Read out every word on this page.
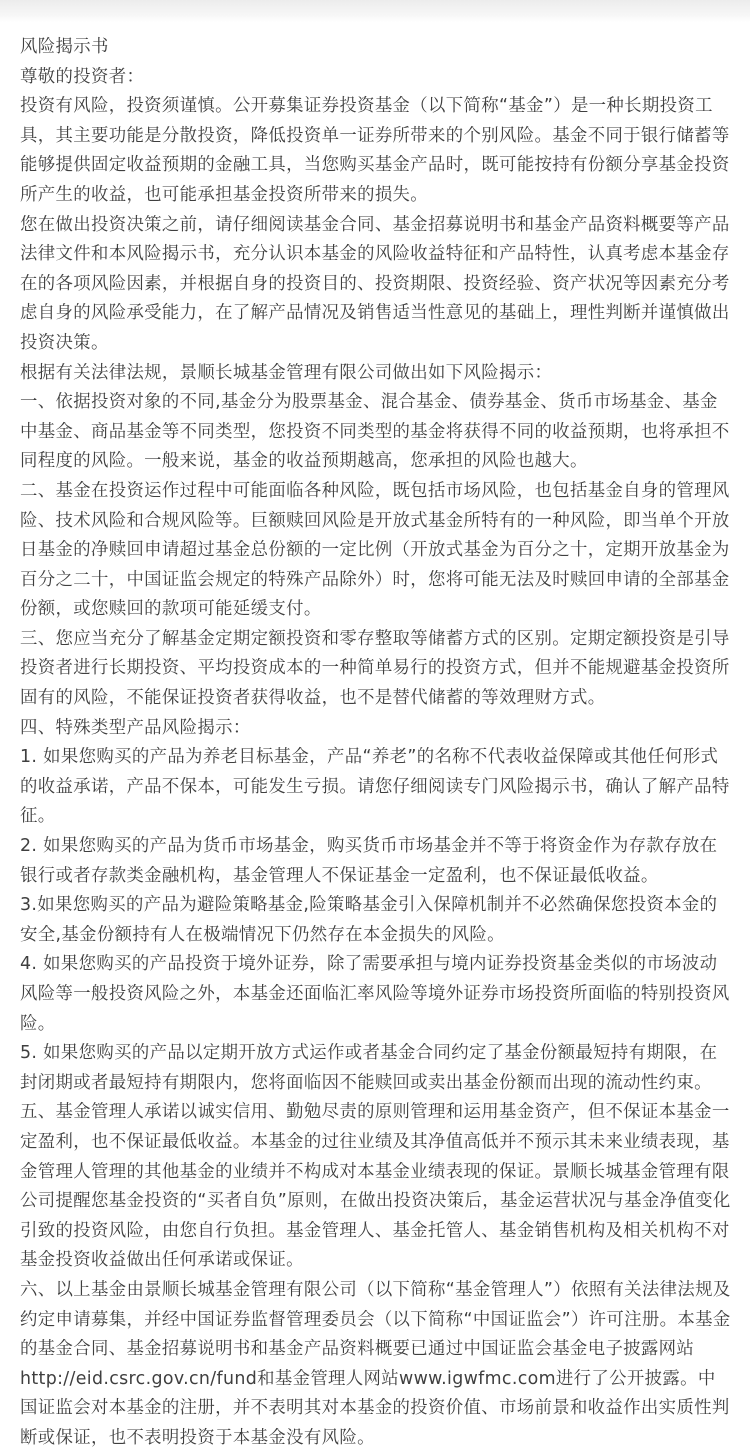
风险揭示书

尊敬的投资者：

投资有风险，投资须谨慎。公开募集证券投资基金（以下简称“基金”）是一种长期投资工具，其主要功能是分散投资，降低投资单一证券所带来的个别风险。基金不同于银行储蓄等能够提供固定收益预期的金融工具，当您购买基金产品时，既可能按持有份额分享基金投资所产生的收益，也可能承担基金投资所带来的损失。

您在做出投资决策之前，请仔细阅读基金合同、基金招募说明书和基金产品资料概要等产品法律文件和本风险揭示书，充分认识本基金的风险收益特征和产品特性，认真考虑本基金存在的各项风险因素，并根据自身的投资目的、投资期限、投资经验、资产状况等因素充分考虑自身的风险承受能力，在了解产品情况及销售适当性意见的基础上，理性判断并谨慎做出投资决策。

根据有关法律法规，景顺长城基金管理有限公司做出如下风险揭示：

一、依据投资对象的不同,基金分为股票基金、混合基金、债券基金、货币市场基金、基金中基金、商品基金等不同类型，您投资不同类型的基金将获得不同的收益预期，也将承担不同程度的风险。一般来说，基金的收益预期越高，您承担的风险也越大。

二、基金在投资运作过程中可能面临各种风险，既包括市场风险，也包括基金自身的管理风险、技术风险和合规风险等。巨额赎回风险是开放式基金所特有的一种风险，即当单个开放日基金的净赎回申请超过基金总份额的一定比例（开放式基金为百分之十，定期开放基金为百分之二十，中国证监会规定的特殊产品除外）时，您将可能无法及时赎回申请的全部基金份额，或您赎回的款项可能延缓支付。

三、您应当充分了解基金定期定额投资和零存整取等储蓄方式的区别。定期定额投资是引导投资者进行长期投资、平均投资成本的一种简单易行的投资方式，但并不能规避基金投资所固有的风险，不能保证投资者获得收益，也不是替代储蓄的等效理财方式。

四、特殊类型产品风险揭示：

1. 如果您购买的产品为养老目标基金，产品“养老”的名称不代表收益保障或其他任何形式的收益承诺，产品不保本，可能发生亏损。请您仔细阅读专门风险揭示书，确认了解产品特征。

2. 如果您购买的产品为货币市场基金，购买货币市场基金并不等于将资金作为存款存放在银行或者存款类金融机构，基金管理人不保证基金一定盈利，也不保证最低收益。

3.如果您购买的产品为避险策略基金,险策略基金引入保障机制并不必然确保您投资本金的安全,基金份额持有人在极端情况下仍然存在本金损失的风险。

4. 如果您购买的产品投资于境外证券，除了需要承担与境内证券投资基金类似的市场波动风险等一般投资风险之外，本基金还面临汇率风险等境外证券市场投资所面临的特别投资风险。

5. 如果您购买的产品以定期开放方式运作或者基金合同约定了基金份额最短持有期限，在封闭期或者最短持有期限内，您将面临因不能赎回或卖出基金份额而出现的流动性约束。

五、基金管理人承诺以诚实信用、勤勉尽责的原则管理和运用基金资产，但不保证本基金一定盈利，也不保证最低收益。本基金的过往业绩及其净值高低并不预示其未来业绩表现，基金管理人管理的其他基金的业绩并不构成对本基金业绩表现的保证。景顺长城基金管理有限公司提醒您基金投资的“买者自负”原则，在做出投资决策后，基金运营状况与基金净值变化引致的投资风险，由您自行负担。基金管理人、基金托管人、基金销售机构及相关机构不对基金投资收益做出任何承诺或保证。

六、以上基金由景顺长城基金管理有限公司（以下简称“基金管理人”）依照有关法律法规及约定申请募集，并经中国证券监督管理委员会（以下简称“中国证监会”）许可注册。本基金的基金合同、基金招募说明书和基金产品资料概要已通过中国证监会基金电子披露网站http://eid.csrc.gov.cn/fund和基金管理人网站www.igwfmc.com进行了公开披露。中国证监会对本基金的注册，并不表明其对本基金的投资价值、市场前景和收益作出实质性判断或保证，也不表明投资于本基金没有风险。
